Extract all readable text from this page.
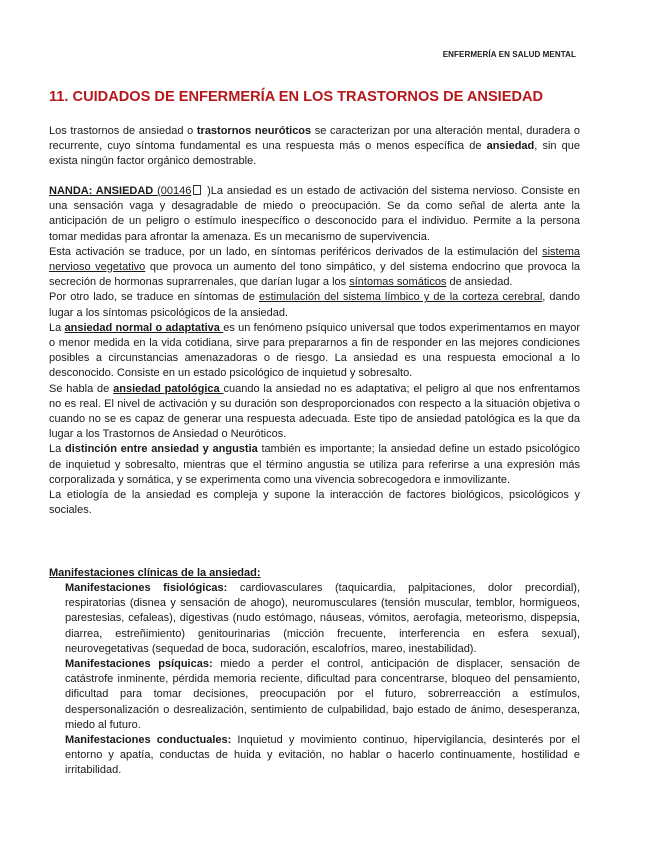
ENFERMERÍA EN SALUD MENTAL
11. CUIDADOS DE ENFERMERÍA EN LOS TRASTORNOS DE ANSIEDAD
Los trastornos de ansiedad o trastornos neuróticos se caracterizan por una alteración mental, duradera o recurrente, cuyo síntoma fundamental es una respuesta más o menos específica de ansiedad, sin que exista ningún factor orgánico demostrable.
NANDA: ANSIEDAD (00146 )La ansiedad es un estado de activación del sistema nervioso. Consiste en una sensación vaga y desagradable de miedo o preocupación. Se da como señal de alerta ante la anticipación de un peligro o estímulo inespecífico o desconocido para el individuo. Permite a la persona tomar medidas para afrontar la amenaza. Es un mecanismo de supervivencia.
Esta activación se traduce, por un lado, en síntomas periféricos derivados de la estimulación del sistema nervioso vegetativo que provoca un aumento del tono simpático, y del sistema endocrino que provoca la secreción de hormonas suprarrenales, que darían lugar a los síntomas somáticos de ansiedad.
Por otro lado, se traduce en síntomas de estimulación del sistema límbico y de la corteza cerebral, dando lugar a los síntomas psicológicos de la ansiedad.
La ansiedad normal o adaptativa es un fenómeno psíquico universal que todos experimentamos en mayor o menor medida en la vida cotidiana, sirve para prepararnos a fin de responder en las mejores condiciones posibles a circunstancias amenazadoras o de riesgo. La ansiedad es una respuesta emocional a lo desconocido. Consiste en un estado psicológico de inquietud y sobresalto.
Se habla de ansiedad patológica cuando la ansiedad no es adaptativa; el peligro al que nos enfrentamos no es real. El nivel de activación y su duración son desproporcionados con respecto a la situación objetiva o cuando no se es capaz de generar una respuesta adecuada. Este tipo de ansiedad patológica es la que da lugar a los Trastornos de Ansiedad o Neuróticos.
La distinción entre ansiedad y angustia también es importante; la ansiedad define un estado psicológico de inquietud y sobresalto, mientras que el término angustia se utiliza para referirse a una expresión más corporalizada y somática, y se experimenta como una vivencia sobrecogedora e inmovilizante.
La etiología de la ansiedad es compleja y supone la interacción de factores biológicos, psicológicos y sociales.
Manifestaciones clínicas de la ansiedad:
Manifestaciones fisiológicas: cardiovasculares (taquicardia, palpitaciones, dolor precordial), respiratorias (disnea y sensación de ahogo), neuromusculares (tensión muscular, temblor, hormigueos, parestesias, cefaleas), digestivas (nudo estómago, náuseas, vómitos, aerofagia, meteorismo, dispepsia, diarrea, estreñimiento) genitourinarias (micción frecuente, interferencia en esfera sexual), neurovegetativas (sequedad de boca, sudoración, escalofríos, mareo, inestabilidad).
Manifestaciones psíquicas: miedo a perder el control, anticipación de displacer, sensación de catástrofe inminente, pérdida memoria reciente, dificultad para concentrarse, bloqueo del pensamiento, dificultad para tomar decisiones, preocupación por el futuro, sobrerreacción a estímulos, despersonalización o desrealización, sentimiento de culpabilidad, bajo estado de ánimo, desesperanza, miedo al futuro.
Manifestaciones conductuales: Inquietud y movimiento continuo, hipervigilancia, desinterés por el entorno y apatía, conductas de huida y evitación, no hablar o hacerlo continuamente, hostilidad e irritabilidad.
